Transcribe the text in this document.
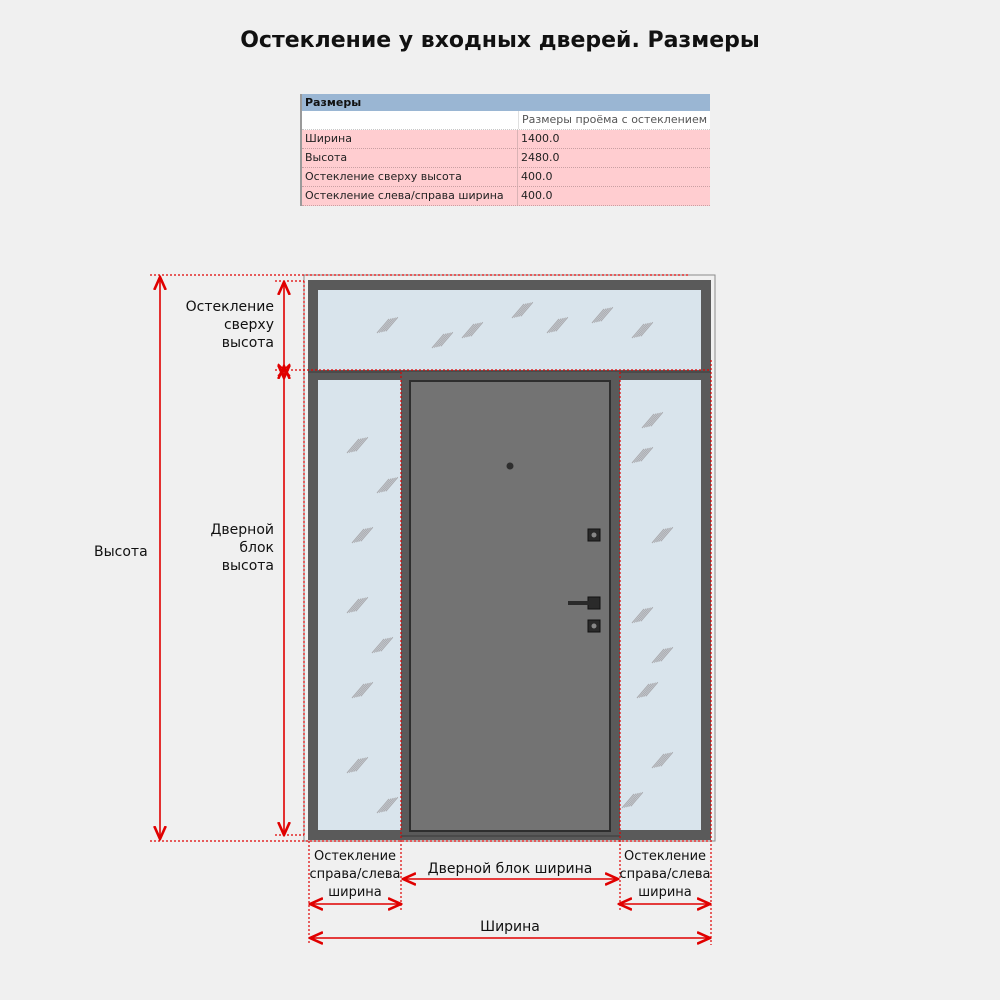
Остекление у входных дверей. Размеры
Размеры
Размеры проёма с остеклением
Ширина	1400.0
Высота	2480.0
Остекление сверху высота	400.0
Остекление слева/справа ширина	400.0
Высота
Остекление
сверху
высота
Дверной
блок
высота
Остекление
справа/слева
ширина
Остекление
справа/слева
ширина
Дверной блок ширина
Ширина
